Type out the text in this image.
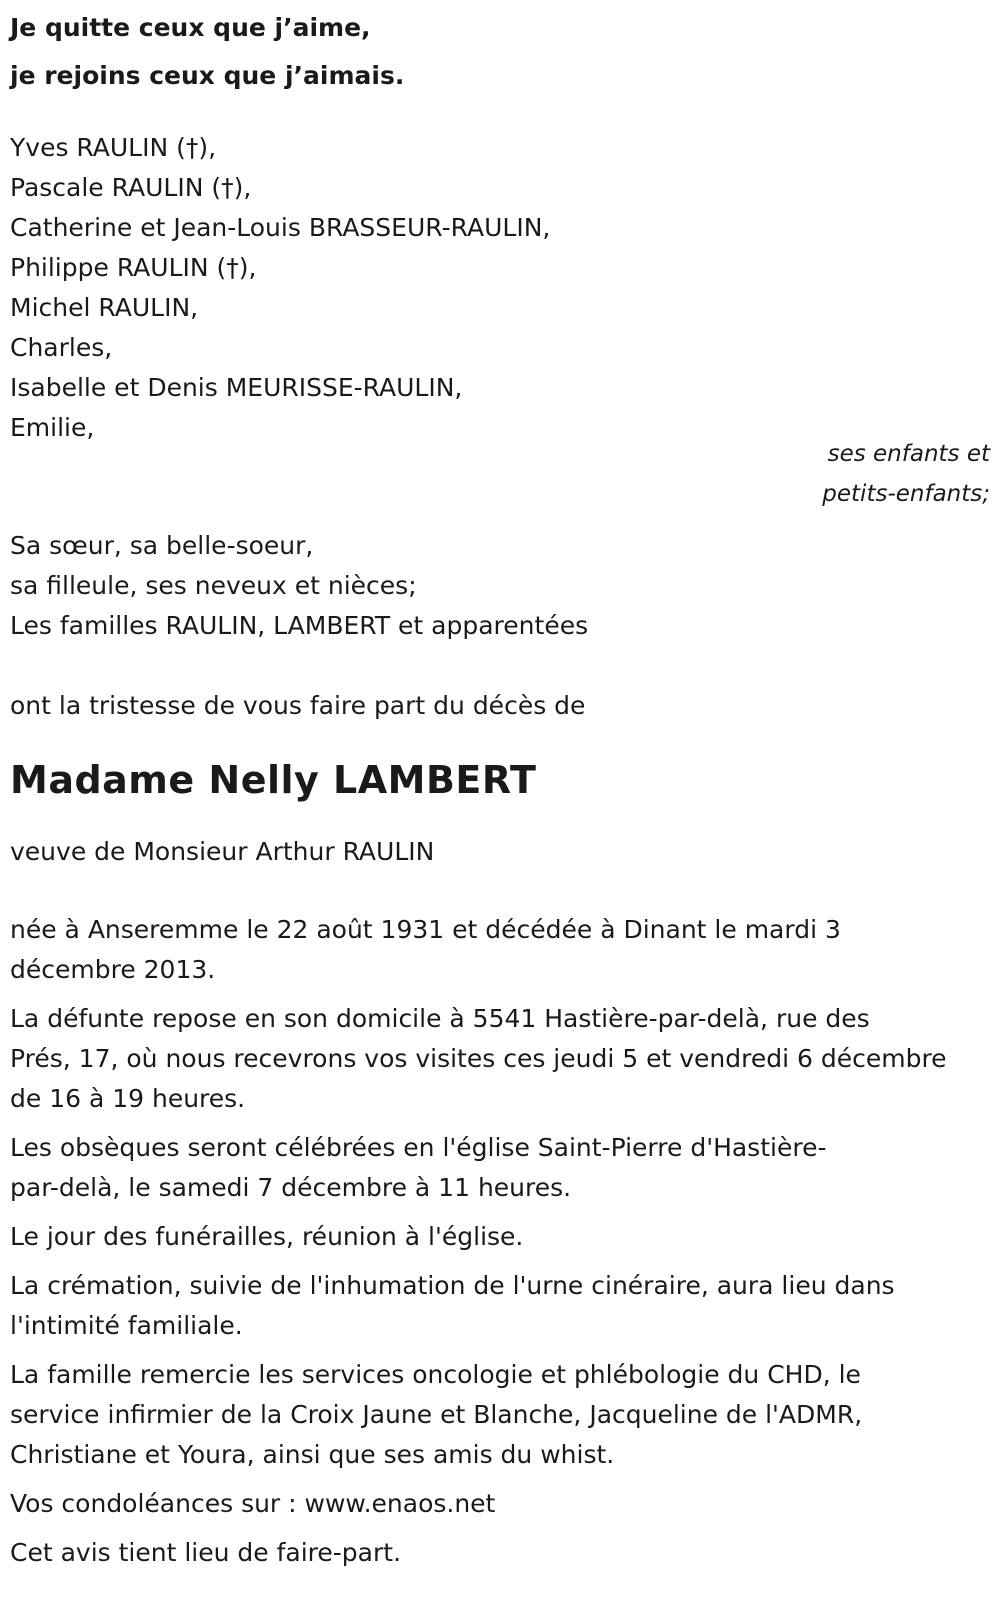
Je quitte ceux que j’aime,

je rejoins ceux que j’aimais.

Yves RAULIN (†),
Pascale RAULIN (†),
Catherine et Jean-Louis BRASSEUR-RAULIN,
Philippe RAULIN (†),
Michel RAULIN,
Charles,
Isabelle et Denis MEURISSE-RAULIN,
Emilie,
ses enfants et
petits-enfants;
Sa sœur, sa belle-soeur,
sa filleule, ses neveux et nièces;
Les familles RAULIN, LAMBERT et apparentées
ont la tristesse de vous faire part du décès de
Madame Nelly LAMBERT
veuve de Monsieur Arthur RAULIN

née à Anseremme le 22 août 1931 et décédée à Dinant le mardi 3
décembre 2013.

La défunte repose en son domicile à 5541 Hastière-par-delà, rue des
Prés, 17, où nous recevrons vos visites ces jeudi 5 et vendredi 6 décembre
de 16 à 19 heures.

Les obsèques seront célébrées en l'église Saint-Pierre d'Hastière-
par-delà, le samedi 7 décembre à 11 heures.

Le jour des funérailles, réunion à l'église.

La crémation, suivie de l'inhumation de l'urne cinéraire, aura lieu dans
l'intimité familiale.

La famille remercie les services oncologie et phlébologie du CHD, le
service infirmier de la Croix Jaune et Blanche, Jacqueline de l'ADMR,
Christiane et Youra, ainsi que ses amis du whist.

Vos condoléances sur : www.enaos.net

Cet avis tient lieu de faire-part.
